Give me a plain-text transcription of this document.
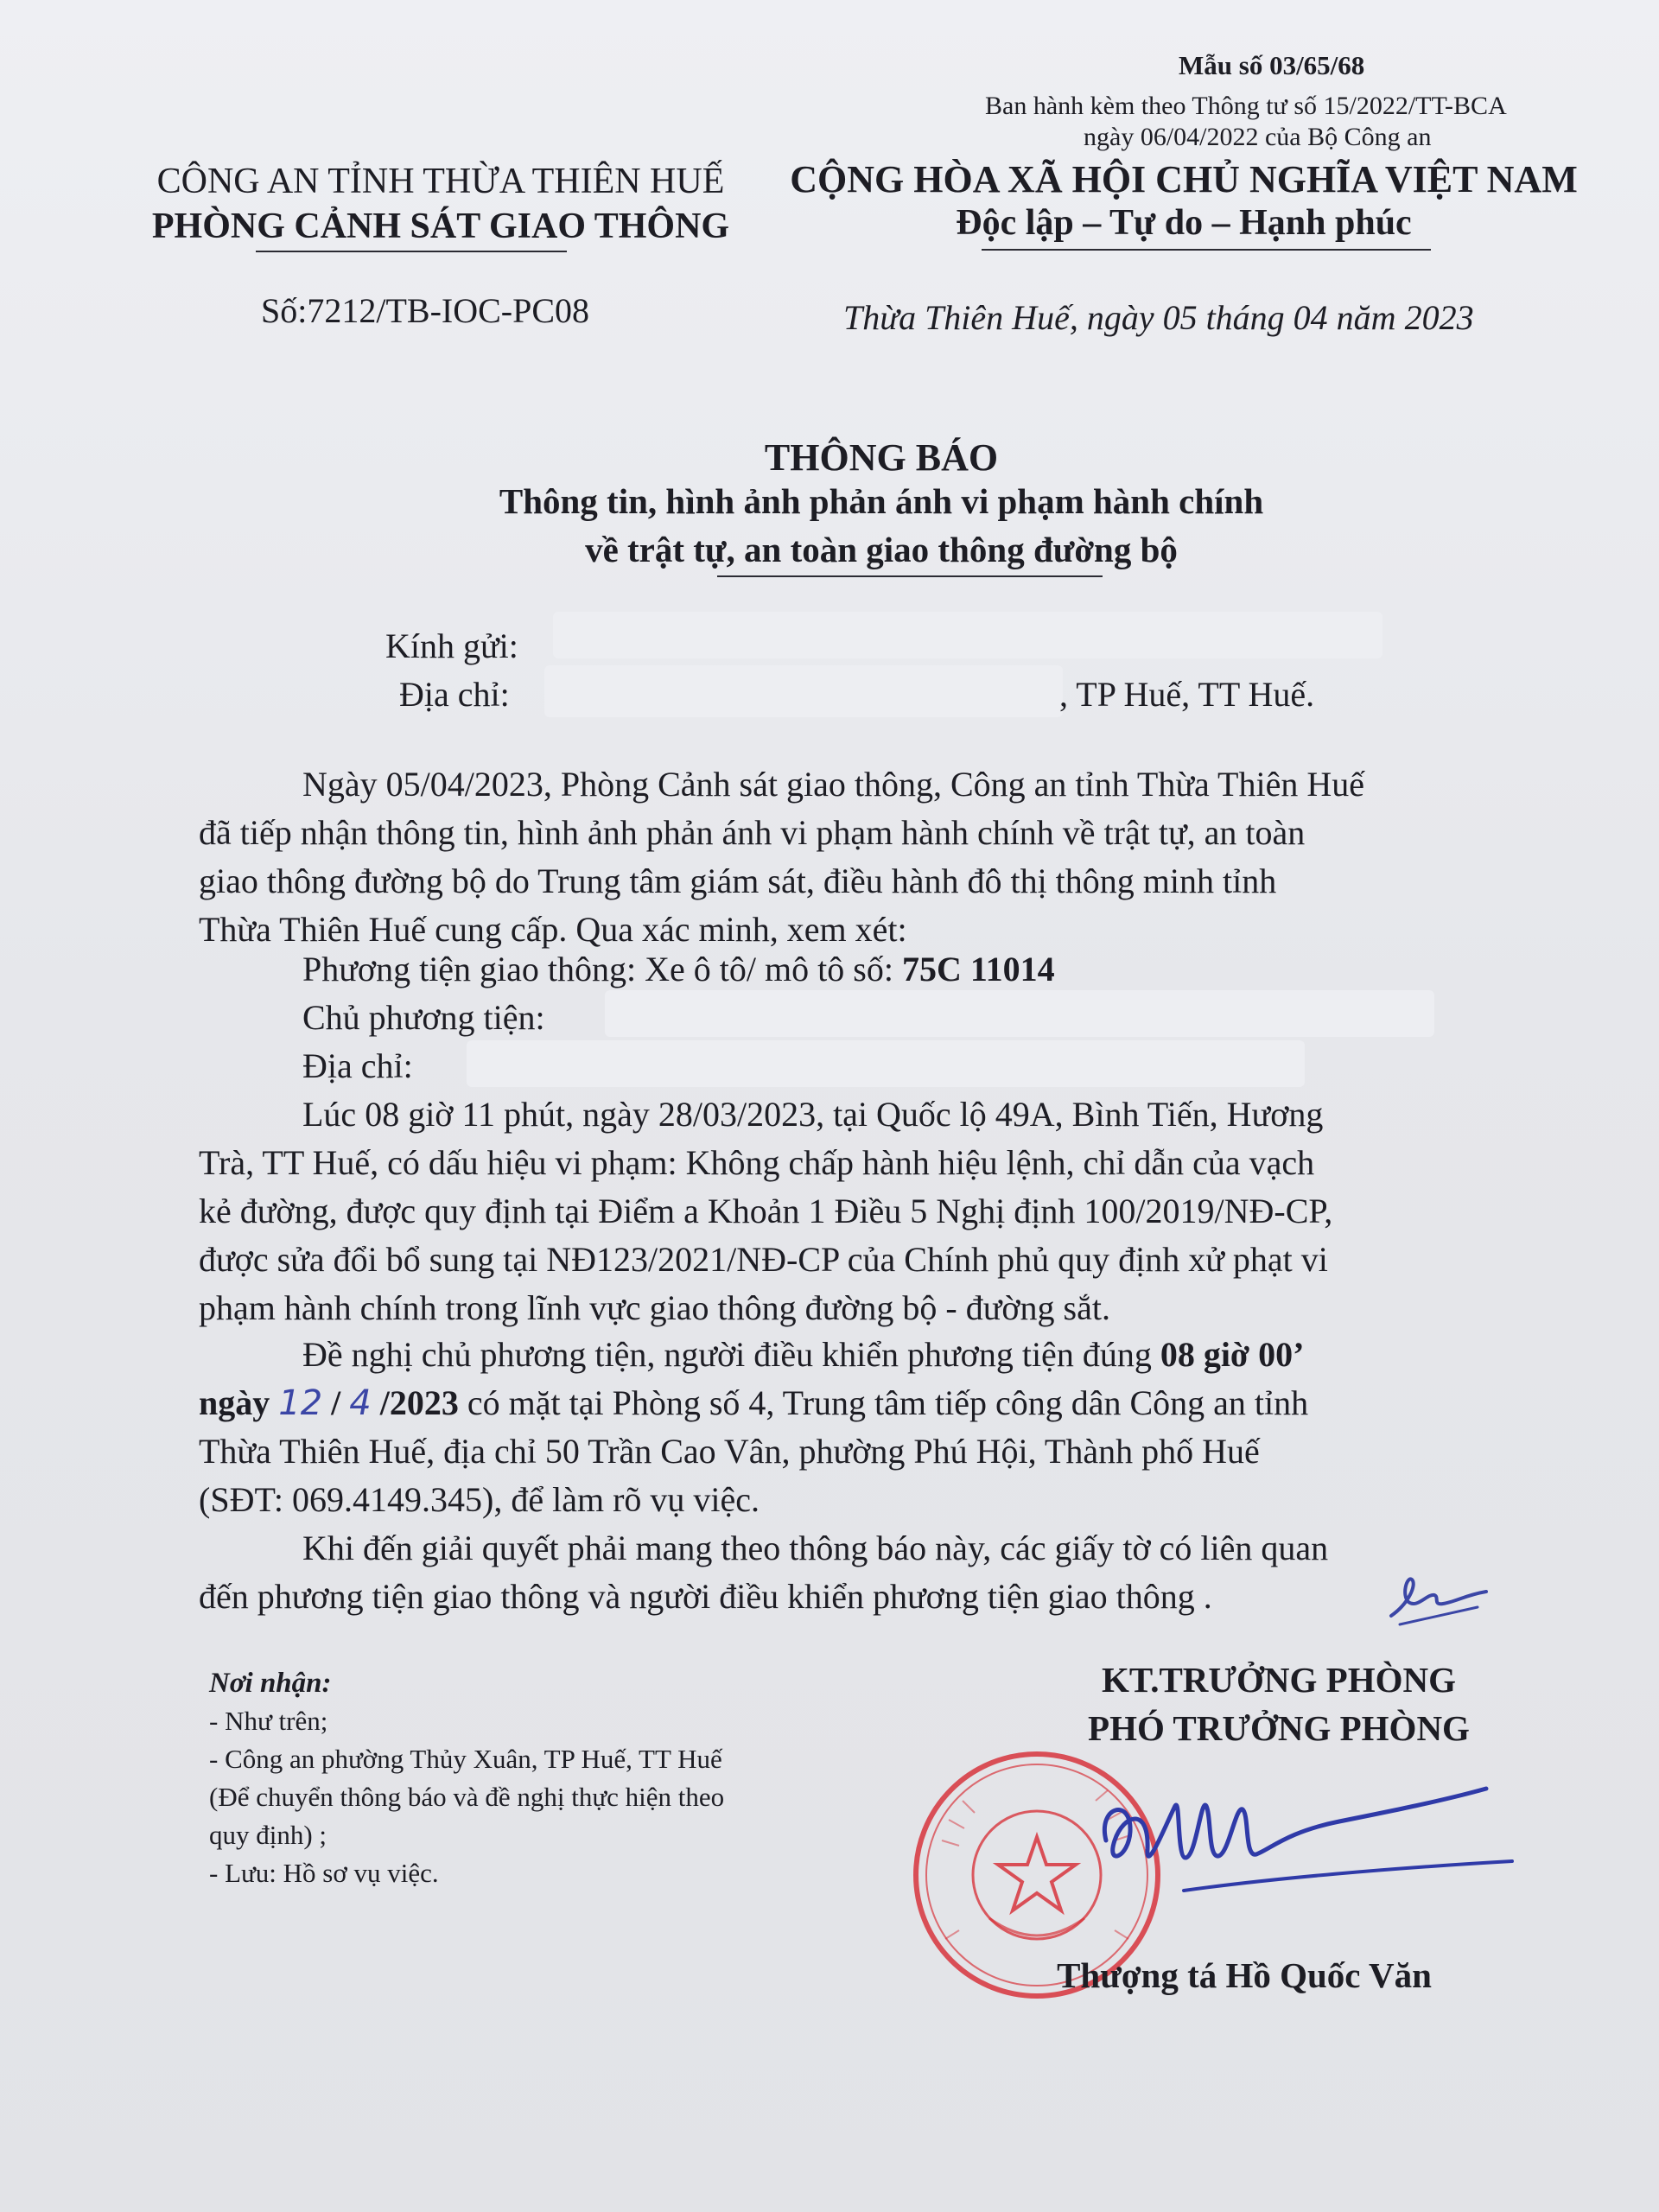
Mẫu số 03/65/68
Ban hành kèm theo Thông tư số 15/2022/TT-BCA
ngày 06/04/2022 của Bộ Công an
CÔNG AN TỈNH THỪA THIÊN HUẾ
PHÒNG CẢNH SÁT GIAO THÔNG
CỘNG HÒA XÃ HỘI CHỦ NGHĨA VIỆT NAM
Độc lập – Tự do – Hạnh phúc
Số:7212/TB-IOC-PC08	Thừa Thiên Huế, ngày 05 tháng 04 năm 2023
THÔNG BÁO
Thông tin, hình ảnh phản ánh vi phạm hành chính
về trật tự, an toàn giao thông đường bộ
Kính gửi:
Địa chỉ:	, TP Huế, TT Huế.
Ngày 05/04/2023, Phòng Cảnh sát giao thông, Công an tỉnh Thừa Thiên Huế
đã tiếp nhận thông tin, hình ảnh phản ánh vi phạm hành chính về trật tự, an toàn
giao thông đường bộ do Trung tâm giám sát, điều hành đô thị thông minh tỉnh
Thừa Thiên Huế cung cấp. Qua xác minh, xem xét:
Phương tiện giao thông: Xe ô tô/ mô tô số: 75C 11014
Chủ phương tiện:
Địa chỉ:
Lúc 08 giờ 11 phút, ngày 28/03/2023, tại Quốc lộ 49A, Bình Tiến, Hương
Trà, TT Huế, có dấu hiệu vi phạm: Không chấp hành hiệu lệnh, chỉ dẫn của vạch
kẻ đường, được quy định tại Điểm a Khoản 1 Điều 5 Nghị định 100/2019/NĐ-CP,
được sửa đổi bổ sung tại NĐ123/2021/NĐ-CP của Chính phủ quy định xử phạt vi
phạm hành chính trong lĩnh vực giao thông đường bộ - đường sắt.
Đề nghị chủ phương tiện, người điều khiển phương tiện đúng 08 giờ 00’
ngày 12 / 4 /2023 có mặt tại Phòng số 4, Trung tâm tiếp công dân Công an tỉnh
Thừa Thiên Huế, địa chỉ 50 Trần Cao Vân, phường Phú Hội, Thành phố Huế
(SĐT: 069.4149.345), để làm rõ vụ việc.
Khi đến giải quyết phải mang theo thông báo này, các giấy tờ có liên quan
đến phương tiện giao thông và người điều khiển phương tiện giao thông .
Nơi nhận:
- Như trên;
- Công an phường Thủy Xuân, TP Huế, TT Huế
(Để chuyển thông báo và đề nghị thực hiện theo
quy định) ;
- Lưu: Hồ sơ vụ việc.
KT.TRƯỞNG PHÒNG
PHÓ TRƯỞNG PHÒNG
Thượng tá Hồ Quốc Văn
